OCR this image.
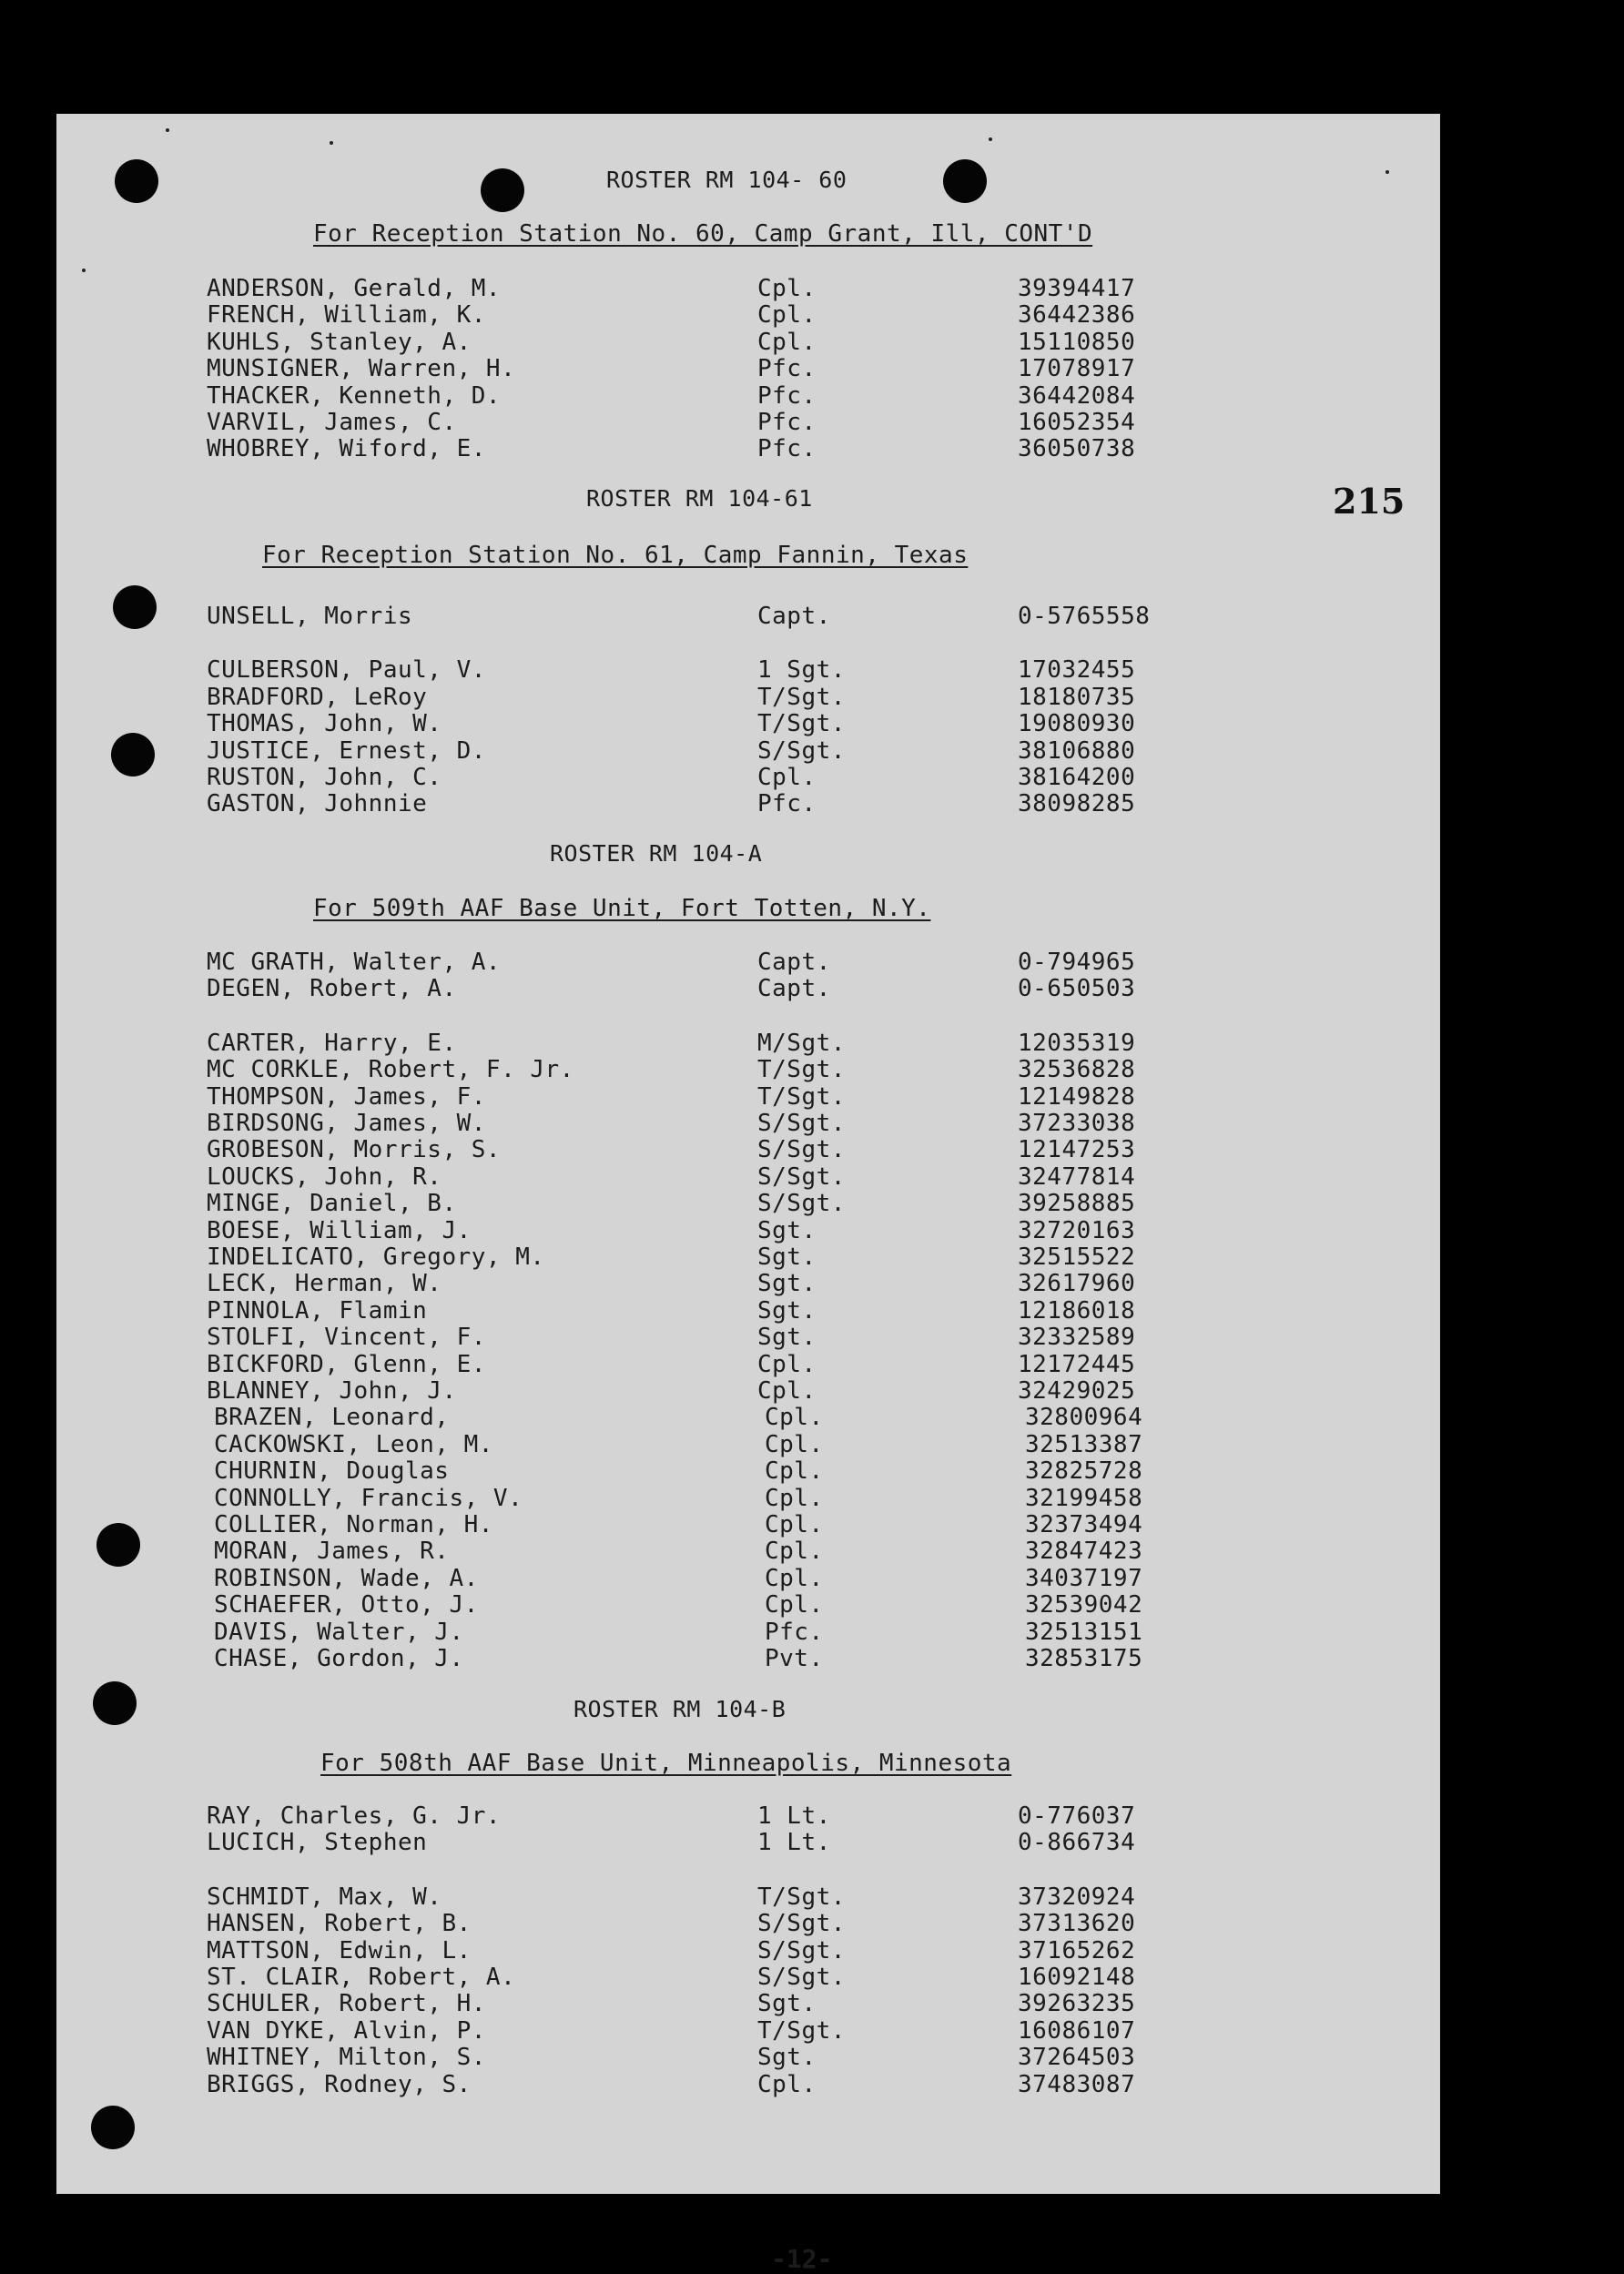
ROSTER RM 104- 60
For Reception Station No. 60, Camp Grant, Ill, CONT'D
ANDERSON, Gerald, M.	Cpl.	39394417
FRENCH, William, K.	Cpl.	36442386
KUHLS, Stanley, A.	Cpl.	15110850
MUNSIGNER, Warren, H.	Pfc.	17078917
THACKER, Kenneth, D.	Pfc.	36442084
VARVIL, James, C.	Pfc.	16052354
WHOBREY, Wiford, E.	Pfc.	36050738
ROSTER RM 104-61
For Reception Station No. 61, Camp Fannin, Texas
UNSELL, Morris	Capt.	0-5765558
CULBERSON, Paul, V.	1 Sgt.	17032455
BRADFORD, LeRoy	T/Sgt.	18180735
THOMAS, John, W.	T/Sgt.	19080930
JUSTICE, Ernest, D.	S/Sgt.	38106880
RUSTON, John, C.	Cpl.	38164200
GASTON, Johnnie	Pfc.	38098285
ROSTER RM 104-A
For 509th AAF Base Unit, Fort Totten, N.Y.
MC GRATH, Walter, A.	Capt.	0-794965
DEGEN, Robert, A.	Capt.	0-650503
CARTER, Harry, E.	M/Sgt.	12035319
MC CORKLE, Robert, F. Jr.	T/Sgt.	32536828
THOMPSON, James, F.	T/Sgt.	12149828
BIRDSONG, James, W.	S/Sgt.	37233038
GROBESON, Morris, S.	S/Sgt.	12147253
LOUCKS, John, R.	S/Sgt.	32477814
MINGE, Daniel, B.	S/Sgt.	39258885
BOESE, William, J.	Sgt.	32720163
INDELICATO, Gregory, M.	Sgt.	32515522
LECK, Herman, W.	Sgt.	32617960
PINNOLA, Flamin	Sgt.	12186018
STOLFI, Vincent, F.	Sgt.	32332589
BICKFORD, Glenn, E.	Cpl.	12172445
BLANNEY, John, J.	Cpl.	32429025
BRAZEN, Leonard,	Cpl.	32800964
CACKOWSKI, Leon, M.	Cpl.	32513387
CHURNIN, Douglas	Cpl.	32825728
CONNOLLY, Francis, V.	Cpl.	32199458
COLLIER, Norman, H.	Cpl.	32373494
MORAN, James, R.	Cpl.	32847423
ROBINSON, Wade, A.	Cpl.	34037197
SCHAEFER, Otto, J.	Cpl.	32539042
DAVIS, Walter, J.	Pfc.	32513151
CHASE, Gordon, J.	Pvt.	32853175
ROSTER RM 104-B
For 508th AAF Base Unit, Minneapolis, Minnesota
RAY, Charles, G. Jr.	1 Lt.	0-776037
LUCICH, Stephen	1 Lt.	0-866734
SCHMIDT, Max, W.	T/Sgt.	37320924
HANSEN, Robert, B.	S/Sgt.	37313620
MATTSON, Edwin, L.	S/Sgt.	37165262
ST. CLAIR, Robert, A.	S/Sgt.	16092148
SCHULER, Robert, H.	Sgt.	39263235
VAN DYKE, Alvin, P.	T/Sgt.	16086107
WHITNEY, Milton, S.	Sgt.	37264503
BRIGGS, Rodney, S.	Cpl.	37483087
215
-12-
